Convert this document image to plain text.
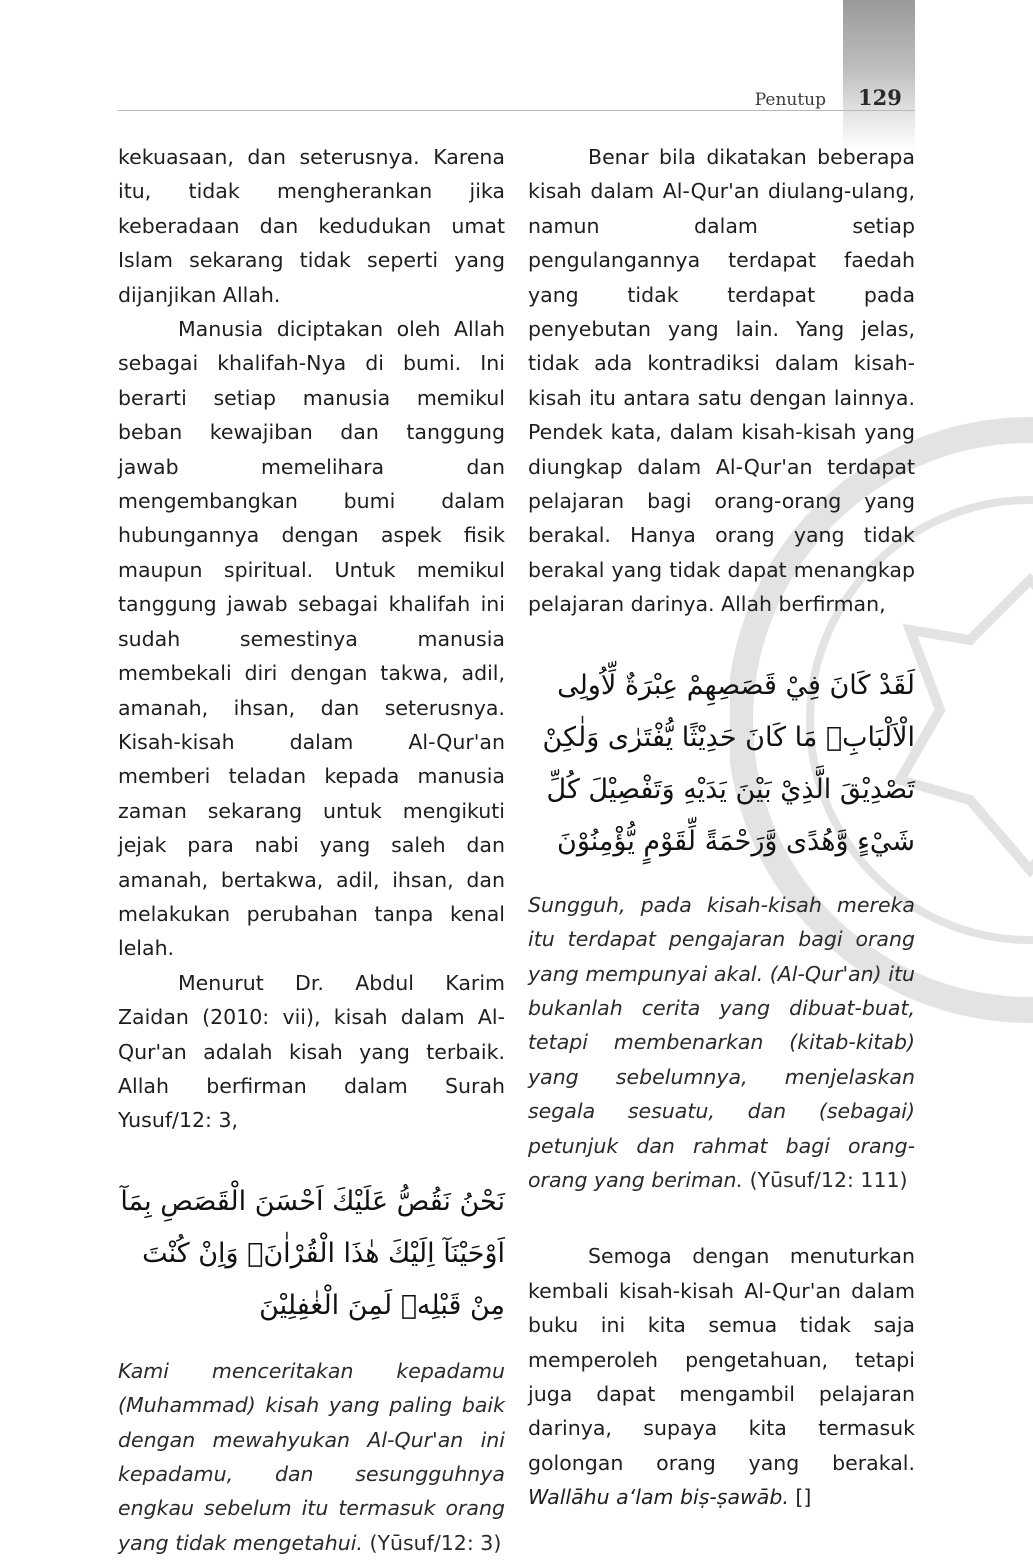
Penutup 129

kekuasaan, dan seterusnya. Karena itu, tidak mengherankan jika keberadaan dan kedudukan umat Islam sekarang tidak seperti yang dijanjikan Allah.

Manusia diciptakan oleh Allah sebagai khalifah-Nya di bumi. Ini berarti setiap manusia memikul beban kewajiban dan tanggung jawab memelihara dan mengembangkan bumi dalam hubungannya dengan aspek fisik maupun spiritual. Untuk memikul tanggung jawab sebagai khalifah ini sudah semestinya manusia membekali diri dengan takwa, adil, amanah, ihsan, dan seterusnya. Kisah-kisah dalam Al-Qur'an memberi teladan kepada manusia zaman sekarang untuk mengikuti jejak para nabi yang saleh dan amanah, bertakwa, adil, ihsan, dan melakukan perubahan tanpa kenal lelah.

Menurut Dr. Abdul Karim Zaidan (2010: vii), kisah dalam Al-Qur'an adalah kisah yang terbaik. Allah berfirman dalam Surah Yusuf/12: 3,

نَحْنُ نَقُصُّ عَلَيْكَ اَحْسَنَ الْقَصَصِ بِمَآ اَوْحَيْنَآ اِلَيْكَ هٰذَا الْقُرْاٰنَۖ وَاِنْ كُنْتَ مِنْ قَبْلِهٖ لَمِنَ الْغٰفِلِيْنَ

Kami menceritakan kepadamu (Muhammad) kisah yang paling baik dengan mewahyukan Al-Qur'an ini kepadamu, dan sesungguhnya engkau sebelum itu termasuk orang yang tidak mengetahui. (Yūsuf/12: 3)

Benar bila dikatakan beberapa kisah dalam Al-Qur'an diulang-ulang, namun dalam setiap pengulangannya terdapat faedah yang tidak terdapat pada penyebutan yang lain. Yang jelas, tidak ada kontradiksi dalam kisah-kisah itu antara satu dengan lainnya. Pendek kata, dalam kisah-kisah yang diungkap dalam Al-Qur'an terdapat pelajaran bagi orang-orang yang berakal. Hanya orang yang tidak berakal yang tidak dapat menangkap pelajaran darinya. Allah berfirman,

لَقَدْ كَانَ فِيْ قَصَصِهِمْ عِبْرَةٌ لِّاُولِى الْاَلْبَابِۗ مَا كَانَ حَدِيْثًا يُّفْتَرٰى وَلٰكِنْ تَصْدِيْقَ الَّذِيْ بَيْنَ يَدَيْهِ وَتَفْصِيْلَ كُلِّ شَيْءٍ وَّهُدًى وَّرَحْمَةً لِّقَوْمٍ يُّؤْمِنُوْنَ

Sungguh, pada kisah-kisah mereka itu terdapat pengajaran bagi orang yang mempunyai akal. (Al-Qur'an) itu bukanlah cerita yang dibuat-buat, tetapi membenarkan (kitab-kitab) yang sebelumnya, menjelaskan segala sesuatu, dan (sebagai) petunjuk dan rahmat bagi orang-orang yang beriman. (Yūsuf/12: 111)

Semoga dengan menuturkan kembali kisah-kisah Al-Qur'an dalam buku ini kita semua tidak saja memperoleh pengetahuan, tetapi juga dapat mengambil pelajaran darinya, supaya kita termasuk golongan orang yang berakal. Wallāhu a‘lam biṣ-ṣawāb. []
